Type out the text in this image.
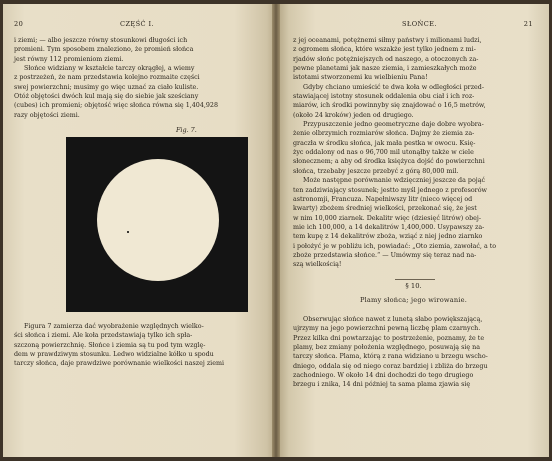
20	CZĘŚĆ I.

i ziemi; — albo jeszcze równy stosunkowi długości ich

promieni. Tym sposobem znaleziono, że promień słońca

jest równy 112 promieniom ziemi.

Słońce widziany w kształcie tarczy okrągłej, a wiemy

z postrzeżeń, że nam przedstawia kolejno rozmaite części

swej powierzchni; musimy go więc uznać za ciało kuliste.

Otóż objętości dwóch kul mają się do siebie jak sześciany

(cubes) ich promieni; objętość więc słońca równa się 1,404,928

razy objętości ziemi.

Fig. 7.

Figura 7 zamierza dać wyobrażenie względnych wielko-

ści słońca i ziemi. Ale koła przedstawiają tylko ich spła-

szczoną powierzchnię. Słońce i ziemia są tu pod tym wzglę-

dem w prawdziwym stosunku. Ledwo widzialne kółko u spodu

tarczy słońca, daje prawdziwe porównanie wielkości naszej ziemi

SŁOŃCE.	21

z jej oceanami, potężnemi siłmy państwy i milionami ludzi,

z ogromem słońca, które wszakże jest tylko jednem z mi-

rjadów słońc potężniejszych od naszego, a otoczonych za-

pewne planetami jak nasze ziemia, i zamieszkałych może

istotami stworzonemi ku wielbieniu Pana!

Gdyby chciano umieścić te dwa koła w odległości przed-

stawiającej istotny stosunek oddalenia obu ciał i ich roz-

miarów, ich środki powinnyby się znajdować o 16,5 metrów,

(około 24 kroków) jeden od drugiego.

Przypuszczenie jedno geometryczne daje dobre wyobra-

żenie olbrzymich rozmiarów słońca. Dajmy że ziemia za-

graczła w środku słońca, jak mała pestka w owocu. Księ-

życ oddalony od nas o 96,700 mil utonąłby także w ciele

słonecznem; a aby od środka księżyca dojść do powierzchni

słońca, trzebaby jeszcze przebyć z górą 80,000 mil.

Może następne porównanie wdzięczniej jeszcze da pojąć

ten zadziwiający stosunek; jestto myśl jednego z profesorów

astronomji, Francuza. Napełniwszy litr (nieco więcej od

kwarty) zbożem średniej wielkości, przekonać się, że jest

w nim 10,000 ziarnek. Dekalitr więc (dziesięć litrów) obej-

mie ich 100,000, a 14 dekalitrów 1,400,000. Usypawszy za-

tem kupę z 14 dekalitrów zboża, wziąć z niej jedno ziarnko

i położyć je w pobliżu ich, powiadać: „Oto ziemia, zawołać, a to

zboże przedstawia słońce.“ — Umówmy się teraz nad na-

szą wielkością!

§ 10.
Plamy słońca; jego wirowanie.

Obserwując słońce nawet z lunetą słabo powiększającą,

ujrzymy na jego powierzchni pewną liczbę plam czarnych.

Przez kilka dni powtarzając to postrzeżenie, poznamy, że te

plamy, bez zmiany położenia względnego, posuwają się na

tarczy słońca. Plama, którą z rana widziano u brzegu wscho-

dniego, oddala się od niego coraz bardziej i zbliża do brzegu

zachodniego. W około 14 dni dochodzi do tego drugiego

brzegu i znika, 14 dni później ta sama plama zjawia się
